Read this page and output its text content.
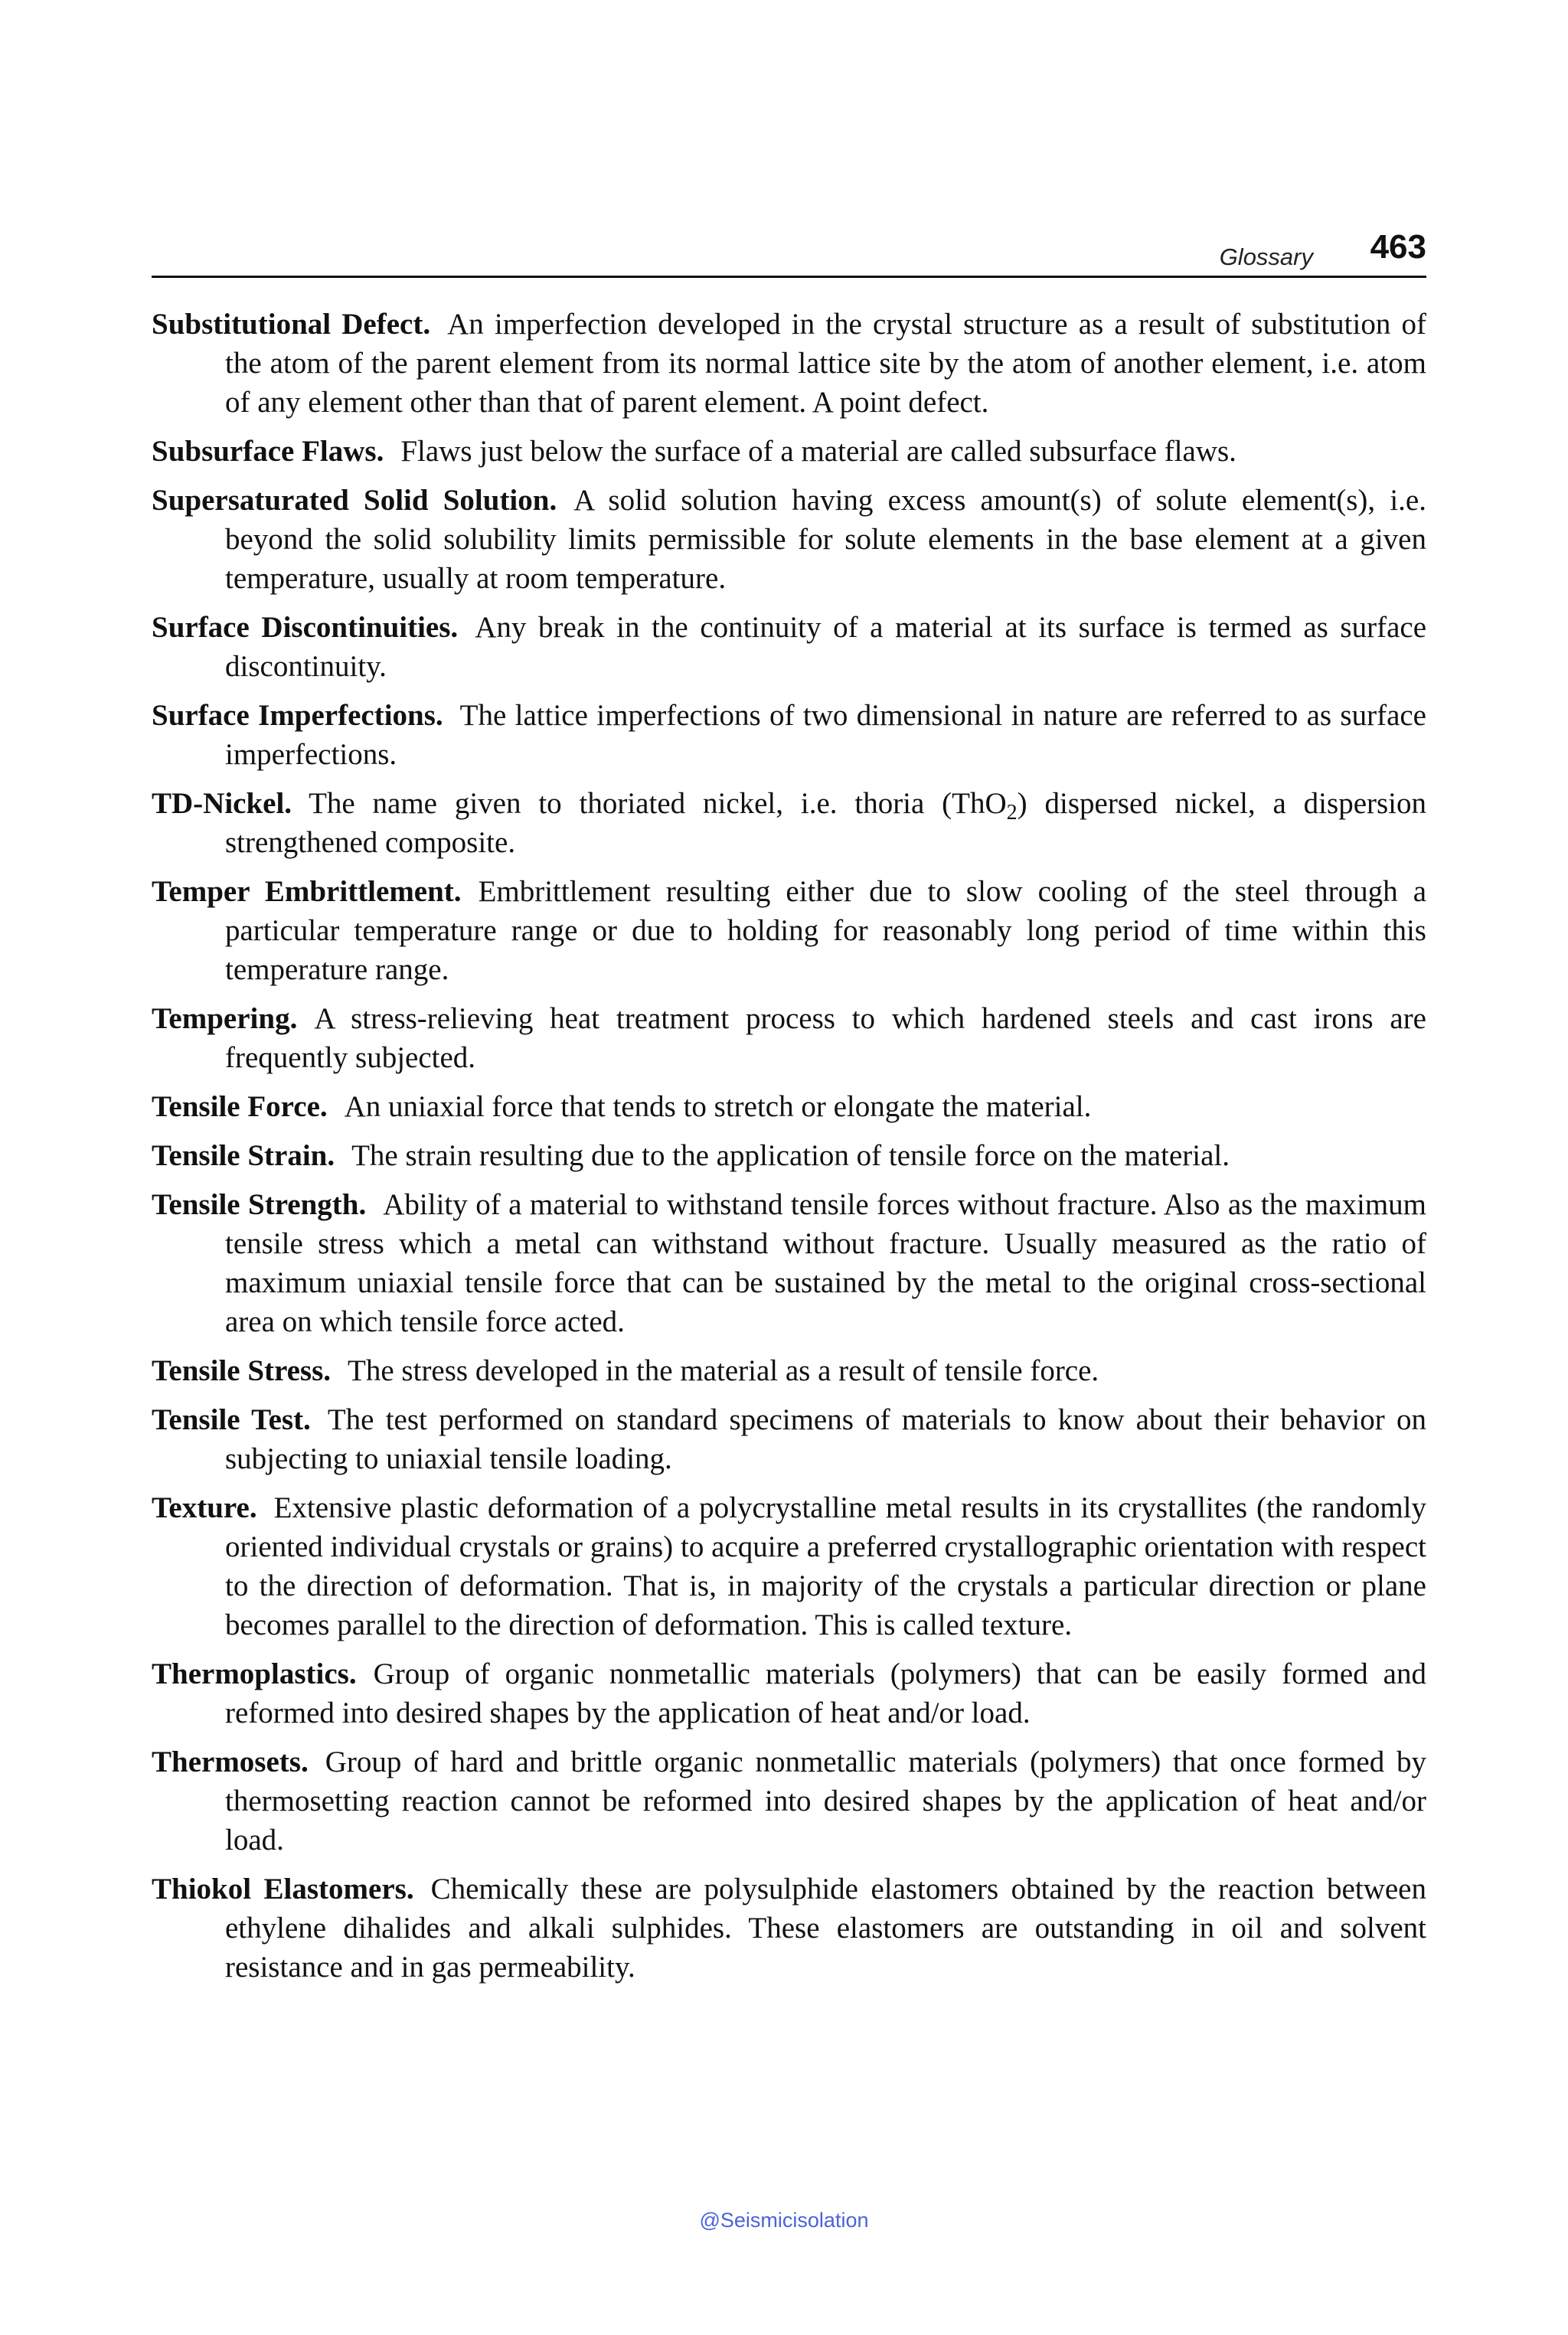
Glossary 463

Substitutional Defect. An imperfection developed in the crystal structure as a result of substitution of the atom of the parent element from its normal lattice site by the atom of another element, i.e. atom of any element other than that of parent element. A point defect.

Subsurface Flaws. Flaws just below the surface of a material are called subsurface flaws.

Supersaturated Solid Solution. A solid solution having excess amount(s) of solute element(s), i.e. beyond the solid solubility limits permissible for solute elements in the base element at a given temperature, usually at room temperature.

Surface Discontinuities. Any break in the continuity of a material at its surface is termed as surface discontinuity.

Surface Imperfections. The lattice imperfections of two dimensional in nature are referred to as surface imperfections.

TD-Nickel. The name given to thoriated nickel, i.e. thoria (ThO$_2$) dispersed nickel, a dispersion strengthened composite.

Temper Embrittlement. Embrittlement resulting either due to slow cooling of the steel through a particular temperature range or due to holding for reasonably long period of time within this temperature range.

Tempering. A stress-relieving heat treatment process to which hardened steels and cast irons are frequently subjected.

Tensile Force. An uniaxial force that tends to stretch or elongate the material.

Tensile Strain. The strain resulting due to the application of tensile force on the material.

Tensile Strength. Ability of a material to withstand tensile forces without fracture. Also as the maximum tensile stress which a metal can withstand without fracture. Usually measured as the ratio of maximum uniaxial tensile force that can be sustained by the metal to the original cross-sectional area on which tensile force acted.

Tensile Stress. The stress developed in the material as a result of tensile force.

Tensile Test. The test performed on standard specimens of materials to know about their behavior on subjecting to uniaxial tensile loading.

Texture. Extensive plastic deformation of a polycrystalline metal results in its crystallites (the randomly oriented individual crystals or grains) to acquire a preferred crystallographic orientation with respect to the direction of deformation. That is, in majority of the crystals a particular direction or plane becomes parallel to the direction of deformation. This is called texture.

Thermoplastics. Group of organic nonmetallic materials (polymers) that can be easily formed and reformed into desired shapes by the application of heat and/or load.

Thermosets. Group of hard and brittle organic nonmetallic materials (polymers) that once formed by thermosetting reaction cannot be reformed into desired shapes by the application of heat and/or load.

Thiokol Elastomers. Chemically these are polysulphide elastomers obtained by the reaction between ethylene dihalides and alkali sulphides. These elastomers are outstanding in oil and solvent resistance and in gas permeability.

@Seismicisolation
